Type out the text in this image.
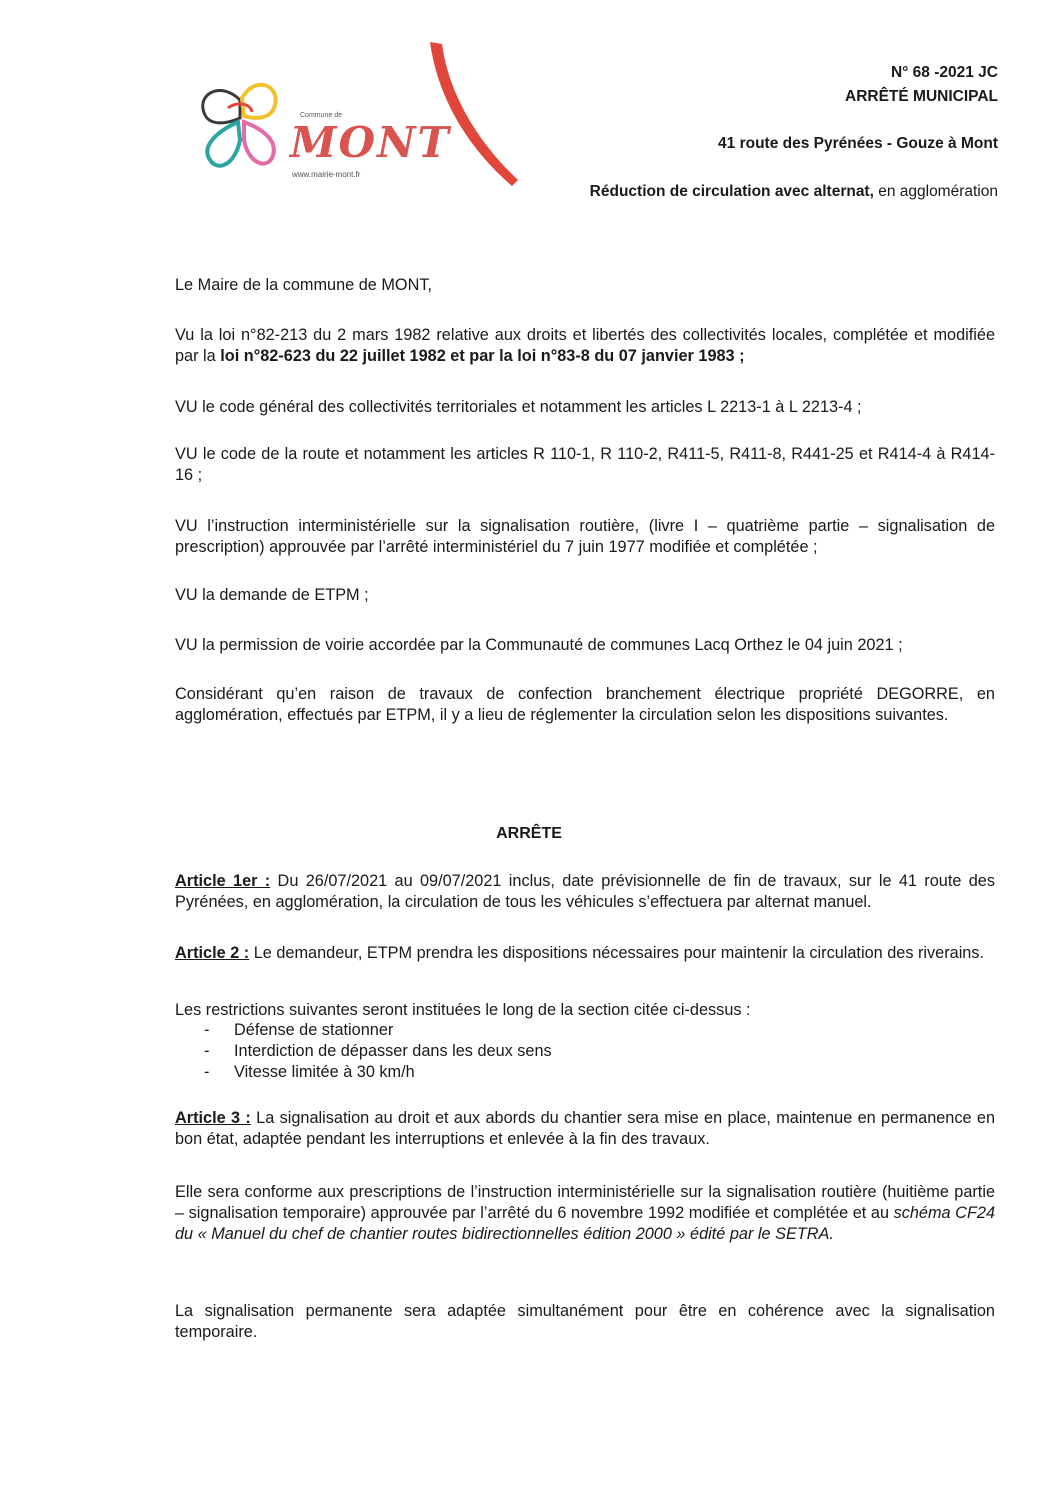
Commune de
MONT
www.mairie-mont.fr
N° 68 -2021 JC
ARRÊTÉ MUNICIPAL
41 route des Pyrénées - Gouze à Mont
Réduction de circulation avec alternat, en agglomération

Le Maire de la commune de MONT,

Vu la loi n°82-213 du 2 mars 1982 relative aux droits et libertés des collectivités locales, complétée et modifiée par la loi n°82-623 du 22 juillet 1982 et par la loi n°83-8 du 07 janvier 1983 ;

VU le code général des collectivités territoriales et notamment les articles L 2213-1 à L 2213-4 ;

VU le code de la route et notamment les articles R 110-1, R 110-2, R411-5, R411-8, R441-25 et R414-4 à R414-16 ;

VU l’instruction interministérielle sur la signalisation routière, (livre I – quatrième partie – signalisation de prescription) approuvée par l’arrêté interministériel du 7 juin 1977 modifiée et complétée ;

VU la demande de ETPM ;

VU la permission de voirie accordée par la Communauté de communes Lacq Orthez le 04 juin 2021 ;

Considérant qu’en raison de travaux de confection branchement électrique propriété DEGORRE, en agglomération, effectués par ETPM, il y a lieu de réglementer la circulation selon les dispositions suivantes.

ARRÊTE

Article 1er : Du 26/07/2021 au 09/07/2021 inclus, date prévisionnelle de fin de travaux, sur le 41 route des Pyrénées, en agglomération, la circulation de tous les véhicules s’effectuera par alternat manuel.

Article 2 : Le demandeur, ETPM prendra les dispositions nécessaires pour maintenir la circulation des riverains.

Les restrictions suivantes seront instituées le long de la section citée ci-dessus :

- Défense de stationner
- Interdiction de dépasser dans les deux sens
- Vitesse limitée à 30 km/h

Article 3 : La signalisation au droit et aux abords du chantier sera mise en place, maintenue en permanence en bon état, adaptée pendant les interruptions et enlevée à la fin des travaux.

Elle sera conforme aux prescriptions de l’instruction interministérielle sur la signalisation routière (huitième partie – signalisation temporaire) approuvée par l’arrêté du 6 novembre 1992 modifiée et complétée et au schéma CF24 du « Manuel du chef de chantier routes bidirectionnelles édition 2000 » édité par le SETRA.

La signalisation permanente sera adaptée simultanément pour être en cohérence avec la signalisation temporaire.
